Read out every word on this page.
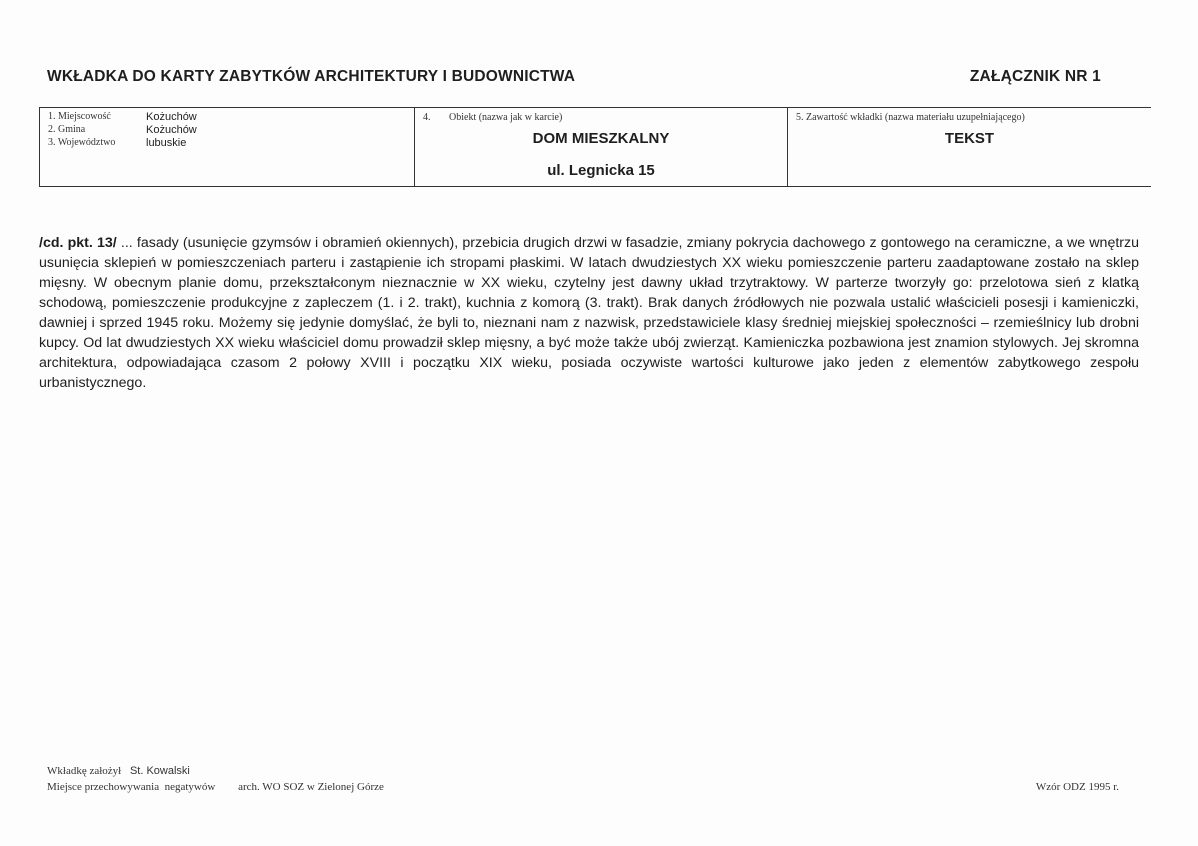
WKŁADKA DO KARTY ZABYTKÓW ARCHITEKTURY I BUDOWNICTWA	ZAŁĄCZNIK NR 1
1. Miejscowość	Kożuchów
2. Gmina	Kożuchów
3. Województwo	lubuskie
4. Obiekt (nazwa jak w karcie)
DOM MIESZKALNY
ul. Legnicka 15
5. Zawartość wkładki (nazwa materiału uzupełniającego)
TEKST
/cd. pkt. 13/ ... fasady (usunięcie gzymsów i obramień okiennych), przebicia drugich drzwi w fasadzie, zmiany pokrycia dachowego z gontowego na ceramiczne, a we wnętrzu usunięcia sklepień w pomieszczeniach parteru i zastąpienie ich stropami płaskimi. W latach dwudziestych XX wieku pomieszczenie parteru zaadaptowane zostało na sklep mięsny. W obecnym planie domu, przekształconym nieznacznie w XX wieku, czytelny jest dawny układ trzytraktowy. W parterze tworzyły go: przelotowa sień z klatką schodową, pomieszczenie produkcyjne z zapleczem (1. i 2. trakt), kuchnia z komorą (3. trakt). Brak danych źródłowych nie pozwala ustalić właścicieli posesji i kamieniczki, dawniej i sprzed 1945 roku. Możemy się jedynie domyślać, że byli to, nieznani nam z nazwisk, przedstawiciele klasy średniej miejskiej społeczności – rzemieślnicy lub drobni kupcy. Od lat dwudziestych XX wieku właściciel domu prowadził sklep mięsny, a być może także ubój zwierząt. Kamieniczka pozbawiona jest znamion stylowych. Jej skromna architektura, odpowiadająca czasom 2 połowy XVIII i początku XIX wieku, posiada oczywiste wartości kulturowe jako jeden z elementów zabytkowego zespołu urbanistycznego.
Wkładkę założył St. Kowalski
Miejsce przechowywania  negatywów arch. WO SOZ w Zielonej Górze	Wzór ODZ 1995 r.
